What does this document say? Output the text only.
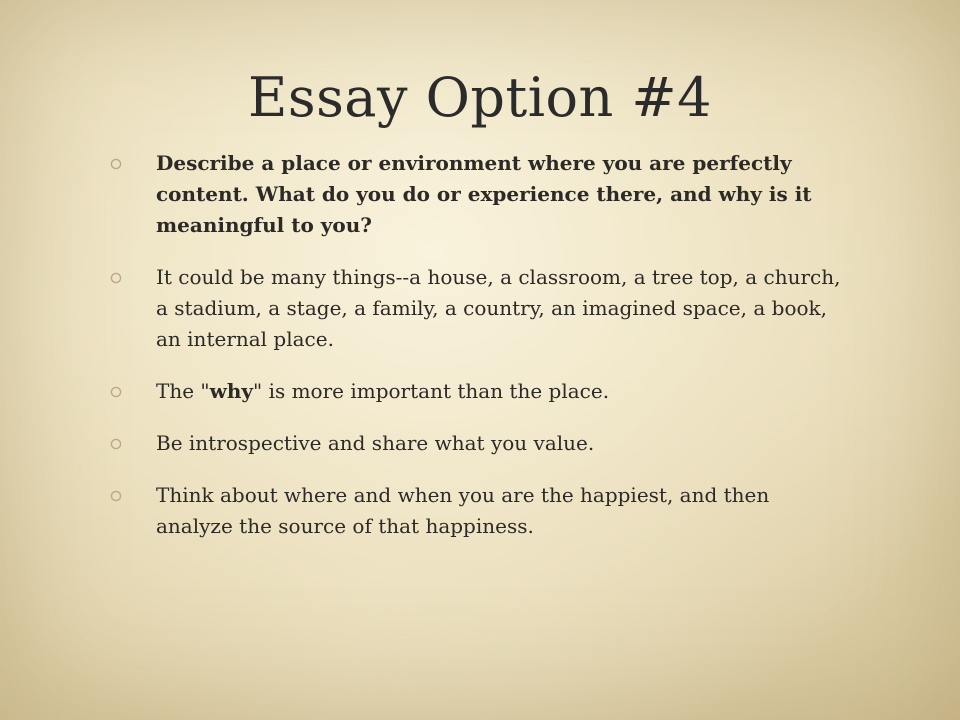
Essay Option #4
Describe a place or environment where you are perfectly content. What do you do or experience there, and why is it meaningful to you?
It could be many things--a house, a classroom, a tree top, a church, a stadium, a stage, a family, a country, an imagined space, a book, an internal place.
The "why" is more important than the place.
Be introspective and share what you value.
Think about where and when you are the happiest, and then analyze the source of that happiness.
